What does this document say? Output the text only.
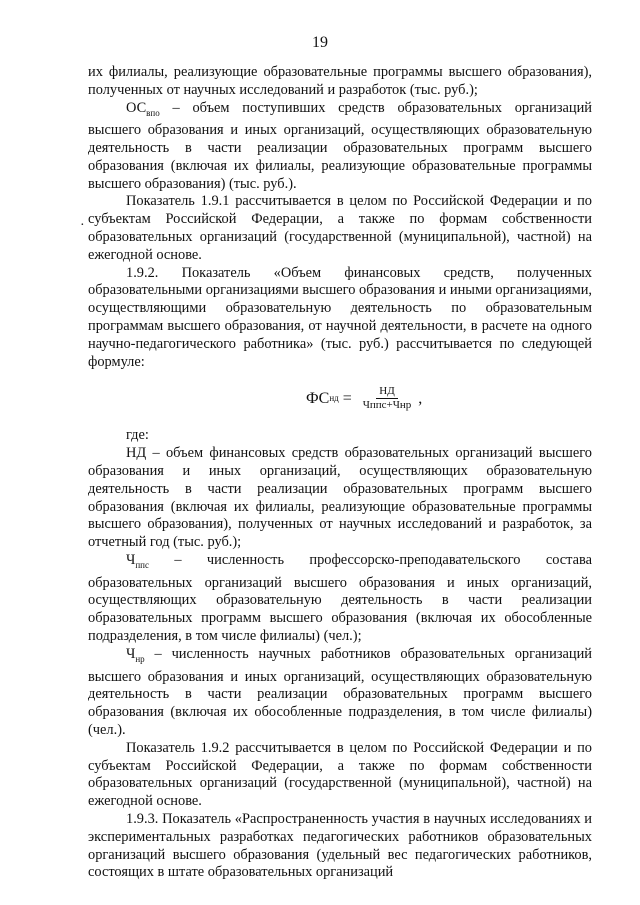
19
·

их филиалы, реализующие образовательные программы высшего образования), полученных от научных исследований и разработок (тыс. руб.);

$ОС_{впо}$ – объем поступивших средств образовательных организаций высшего образования и иных организаций, осуществляющих образовательную деятельность в части реализации образовательных программ высшего образования (включая их филиалы, реализующие образовательные программы высшего образования) (тыс. руб.).

Показатель 1.9.1 рассчитывается в целом по Российской Федерации и по субъектам Российской Федерации, а также по формам собственности образовательных организаций (государственной (муниципальной), частной) на ежегодной основе.

1.9.2. Показатель «Объем финансовых средств, полученных образовательными организациями высшего образования и иными организациями, осуществляющими образовательную деятельность по образовательным программам высшего образования, от научной деятельности, в расчете на одного научно-педагогического работника» (тыс. руб.) рассчитывается по следующей формуле:

ФС нд = $\frac{НД}{\text{Чппс+Чнр}}$ ,

где:

НД – объем финансовых средств образовательных организаций высшего образования и иных организаций, осуществляющих образовательную деятельность в части реализации образовательных программ высшего образования (включая их филиалы, реализующие образовательные программы высшего образования), полученных от научных исследований и разработок, за отчетный год (тыс. руб.);

$Ч_{ппс}$ – численность профессорско-преподавательского состава образовательных организаций высшего образования и иных организаций, осуществляющих образовательную деятельность в части реализации образовательных программ высшего образования (включая их обособленные подразделения, в том числе филиалы) (чел.);

$Ч_{нр}$ – численность научных работников образовательных организаций высшего образования и иных организаций, осуществляющих образовательную деятельность в части реализации образовательных программ высшего образования (включая их обособленные подразделения, в том числе филиалы) (чел.).

Показатель 1.9.2 рассчитывается в целом по Российской Федерации и по субъектам Российской Федерации, а также по формам собственности образовательных организаций (государственной (муниципальной), частной) на ежегодной основе.

1.9.3. Показатель «Распространенность участия в научных исследованиях и экспериментальных разработках педагогических работников образовательных организаций высшего образования (удельный вес педагогических работников, состоящих в штате образовательных организаций
